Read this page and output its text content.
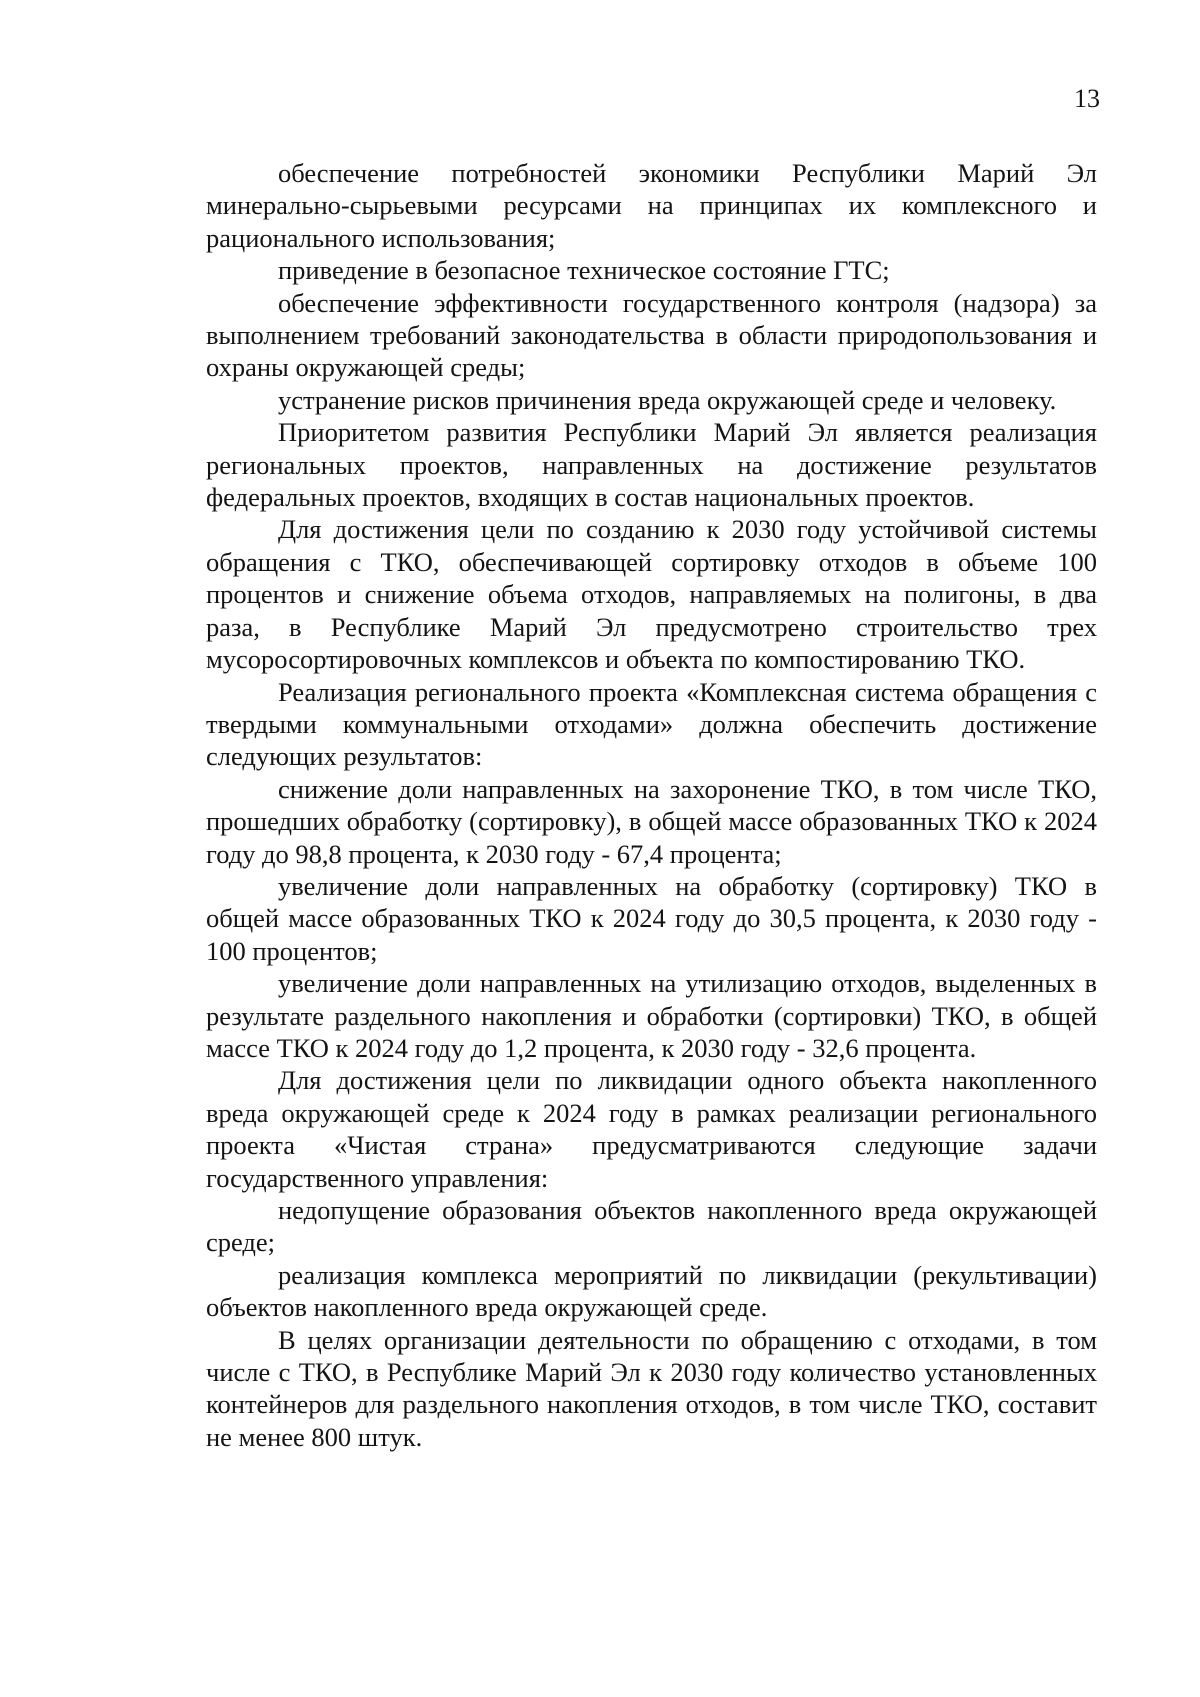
13

обеспечение потребностей экономики Республики Марий Эл минерально-сырьевыми ресурсами на принципах их комплексного и рационального использования;

приведение в безопасное техническое состояние ГТС;

обеспечение эффективности государственного контроля (надзора) за выполнением требований законодательства в области природопользования и охраны окружающей среды;

устранение рисков причинения вреда окружающей среде и человеку.

Приоритетом развития Республики Марий Эл является реализация региональных проектов, направленных на достижение результатов федеральных проектов, входящих в состав национальных проектов.

Для достижения цели по созданию к 2030 году устойчивой системы обращения с ТКО, обеспечивающей сортировку отходов в объеме 100 процентов и снижение объема отходов, направляемых на полигоны, в два раза, в Республике Марий Эл предусмотрено строительство трех мусоросортировочных комплексов и объекта по компостированию ТКО.

Реализация регионального проекта «Комплексная система обращения с твердыми коммунальными отходами» должна обеспечить достижение следующих результатов:

снижение доли направленных на захоронение ТКО, в том числе ТКО, прошедших обработку (сортировку), в общей массе образованных ТКО к 2024 году до 98,8 процента, к 2030 году - 67,4 процента;

увеличение доли направленных на обработку (сортировку) ТКО в общей массе образованных ТКО к 2024 году до 30,5 процента, к 2030 году - 100 процентов;

увеличение доли направленных на утилизацию отходов, выделенных в результате раздельного накопления и обработки (сортировки) ТКО, в общей массе ТКО к 2024 году до 1,2 процента, к 2030 году - 32,6 процента.

Для достижения цели по ликвидации одного объекта накопленного вреда окружающей среде к 2024 году в рамках реализации регионального проекта «Чистая страна» предусматриваются следующие задачи государственного управления:

недопущение образования объектов накопленного вреда окружающей среде;

реализация комплекса мероприятий по ликвидации (рекультивации) объектов накопленного вреда окружающей среде.

В целях организации деятельности по обращению с отходами, в том числе с ТКО, в Республике Марий Эл к 2030 году количество установленных контейнеров для раздельного накопления отходов, в том числе ТКО, составит не менее 800 штук.
